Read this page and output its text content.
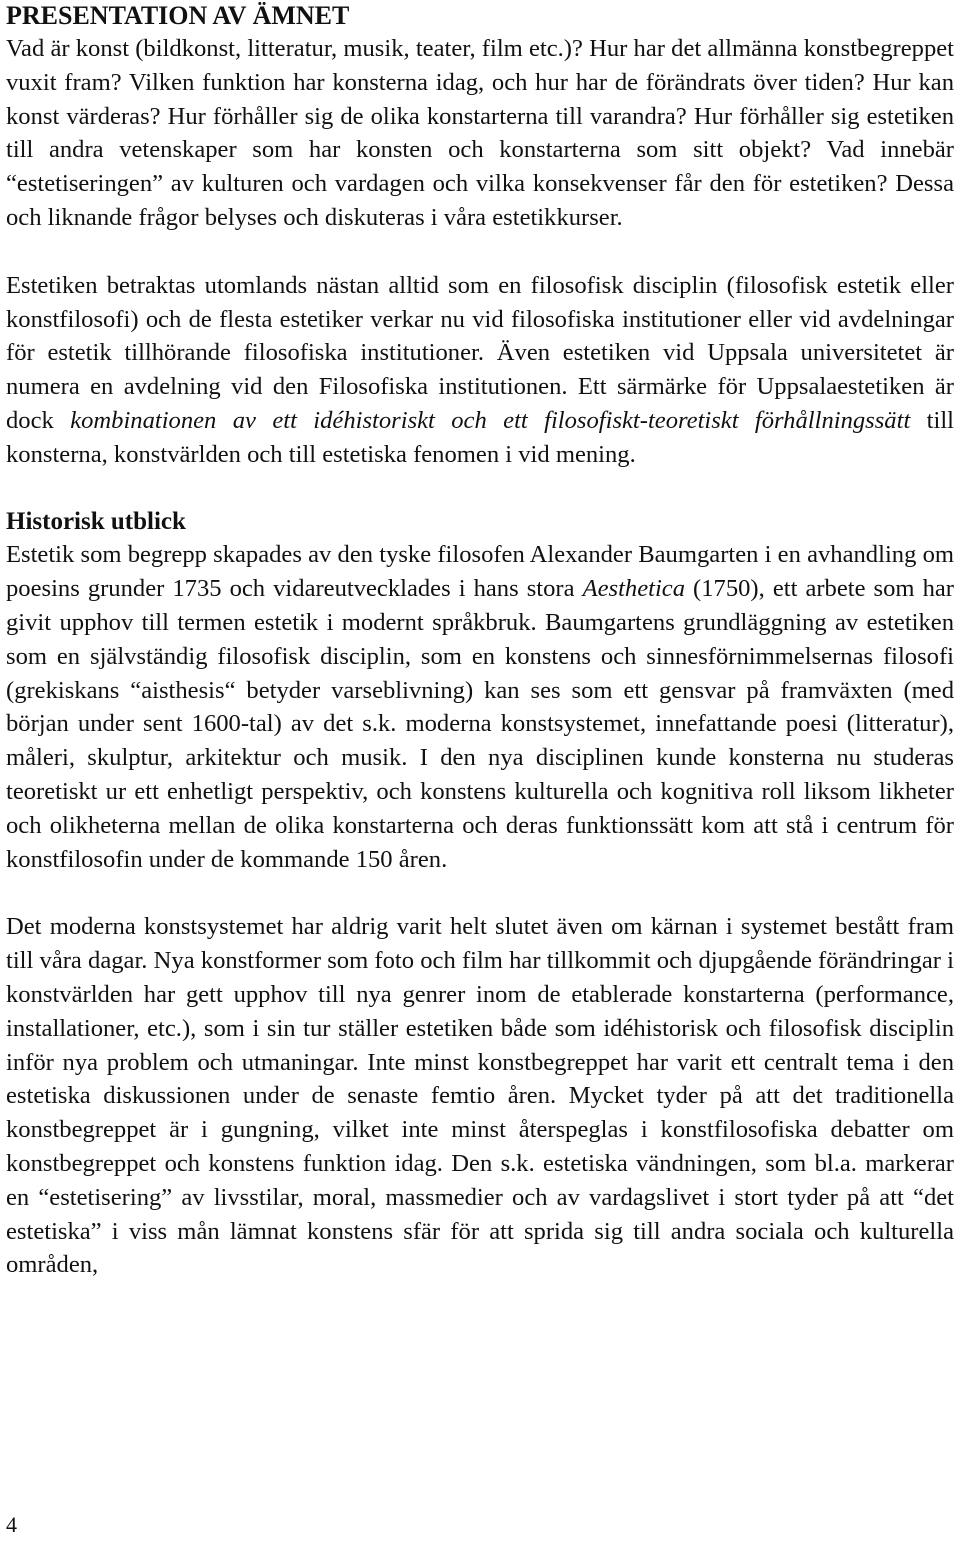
PRESENTATION AV ÄMNET

Vad är konst (bildkonst, litteratur, musik, teater, film etc.)? Hur har det allmänna konstbegreppet vuxit fram? Vilken funktion har konsterna idag, och hur har de förändrats över tiden? Hur kan konst värderas? Hur förhåller sig de olika konstarterna till varandra? Hur förhåller sig estetiken till andra vetenskaper som har konsten och konstarterna som sitt objekt? Vad innebär “estetiseringen” av kulturen och vardagen och vilka konsekvenser får den för estetiken? Dessa och liknande frågor belyses och diskuteras i våra estetikkurser.

Estetiken betraktas utomlands nästan alltid som en filosofisk disciplin (filosofisk estetik eller konstfilosofi) och de flesta estetiker verkar nu vid filosofiska institutioner eller vid avdelningar för estetik tillhörande filosofiska institutioner. Även estetiken vid Uppsala universitetet är numera en avdelning vid den Filosofiska institutionen. Ett särmärke för Uppsalaestetiken är dock kombinationen av ett idéhistoriskt och ett filosofiskt-teoretiskt förhållningssätt till konsterna, konstvärlden och till estetiska fenomen i vid mening.

Historisk utblick

Estetik som begrepp skapades av den tyske filosofen Alexander Baumgarten i en avhandling om poesins grunder 1735 och vidareutvecklades i hans stora Aesthetica (1750), ett arbete som har givit upphov till termen estetik i modernt språkbruk. Baumgartens grundläggning av estetiken som en självständig filosofisk disciplin, som en konstens och sinnesförnimmelsernas filosofi (grekiskans “aisthesis“ betyder varseblivning) kan ses som ett gensvar på framväxten (med början under sent 1600-tal) av det s.k. moderna konstsystemet, innefattande poesi (litteratur), måleri, skulptur, arkitektur och musik. I den nya disciplinen kunde konsterna nu studeras teoretiskt ur ett enhetligt perspektiv, och konstens kulturella och kognitiva roll liksom likheter och olikheterna mellan de olika konstarterna och deras funktionssätt kom att stå i centrum för konstfilosofin under de kommande 150 åren.

Det moderna konstsystemet har aldrig varit helt slutet även om kärnan i systemet bestått fram till våra dagar. Nya konstformer som foto och film har tillkommit och djupgående förändringar i konstvärlden har gett upphov till nya genrer inom de etablerade konstarterna (performance, installationer, etc.), som i sin tur ställer estetiken både som idéhistorisk och filosofisk disciplin inför nya problem och utmaningar. Inte minst konstbegreppet har varit ett centralt tema i den estetiska diskussionen under de senaste femtio åren. Mycket tyder på att det traditionella konstbegreppet är i gungning, vilket inte minst återspeglas i konstfilosofiska debatter om konstbegreppet och konstens funktion idag. Den s.k. estetiska vändningen, som bl.a. markerar en “estetisering” av livsstilar, moral, massmedier och av vardagslivet i stort tyder på att “det estetiska” i viss mån lämnat konstens sfär för att sprida sig till andra sociala och kulturella områden,

4
